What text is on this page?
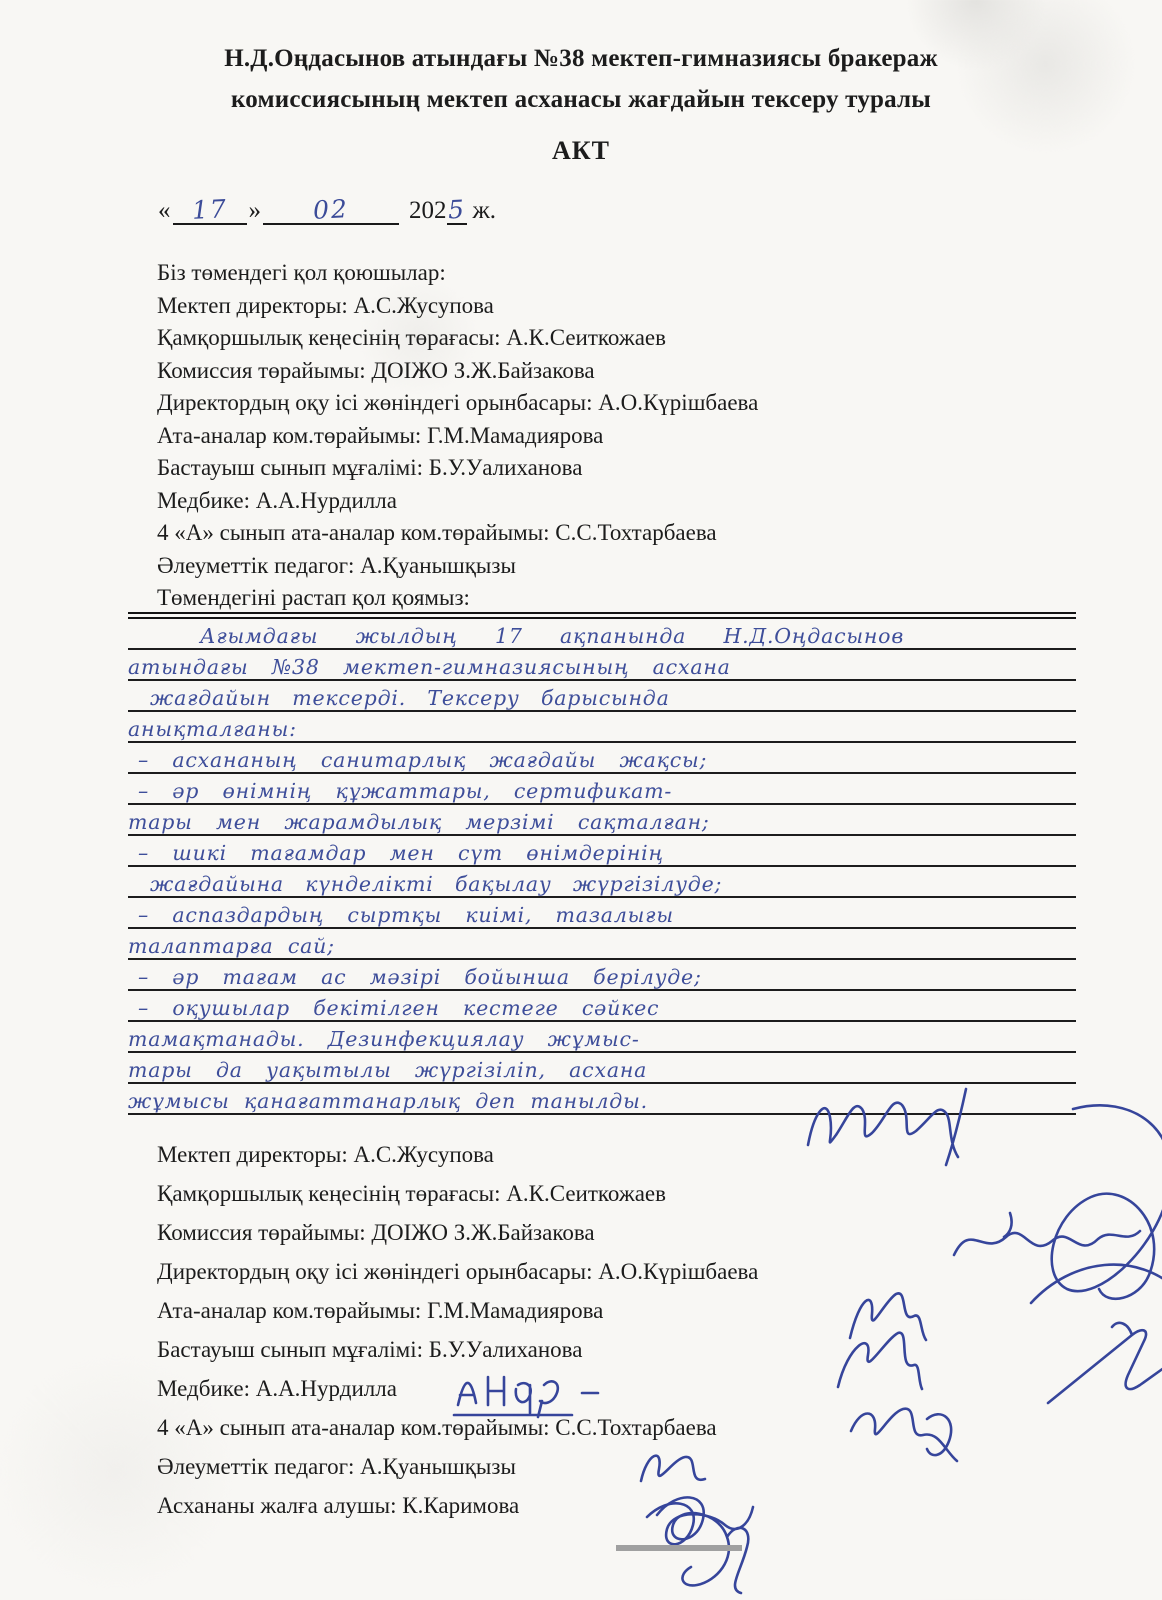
Н.Д.Оңдасынов атындағы №38 мектеп-гимназиясы бракераж
комиссиясының мектеп асханасы жағдайын тексеру туралы
АКТ
« 17 »	02	202 5 ж.
Біз төмендегі қол қоюшылар:
Мектеп директоры: А.С.Жусупова
Қамқоршылық кеңесінің төрағасы: А.К.Сеиткожаев
Комиссия төрайымы: ДОІЖО З.Ж.Байзакова
Директордың оқу ісі жөніндегі орынбасары: А.О.Күрішбаева
Ата-аналар ком.төрайымы: Г.М.Мамадиярова
Бастауыш сынып мұғалімі: Б.У.Уалиханова
Медбике: А.А.Нурдилла
4 «А» сынып ата-аналар ком.төрайымы: С.С.Тохтарбаева
Әлеуметтік педагог: А.Қуанышқызы
Төмендегіні растап қол қоямыз:
Ағымдағы жылдың 17 ақпанында Н.Д.Оңдасынов
атындағы №38 мектеп-гимназиясының асхана
жағдайын тексерді. Тексеру барысында
анықталғаны:
– асхананың санитарлық жағдайы жақсы;
– әр өнімнің құжаттары, сертификат-
тары мен жарамдылық мерзімі сақталған;
– шикі тағамдар мен сүт өнімдерінің
жағдайына күнделікті бақылау жүргізілуде;
– аспаздардың сыртқы киімі, тазалығы
талаптарға сай;
– әр тағам ас мәзірі бойынша берілуде;
– оқушылар бекітілген кестеге сәйкес
тамақтанады. Дезинфекциялау жұмыс-
тары да уақытылы жүргізіліп, асхана
жұмысы қанағаттанарлық деп танылды.
Мектеп директоры: А.С.Жусупова
Қамқоршылық кеңесінің төрағасы: А.К.Сеиткожаев
Комиссия төрайымы: ДОІЖО З.Ж.Байзакова
Директордың оқу ісі жөніндегі орынбасары: А.О.Күрішбаева
Ата-аналар ком.төрайымы: Г.М.Мамадиярова
Бастауыш сынып мұғалімі: Б.У.Уалиханова
Медбике: А.А.Нурдилла
4 «А» сынып ата-аналар ком.төрайымы: С.С.Тохтарбаева
Әлеуметтік педагог: А.Қуанышқызы
Асхананы жалға алушы: К.Каримова
